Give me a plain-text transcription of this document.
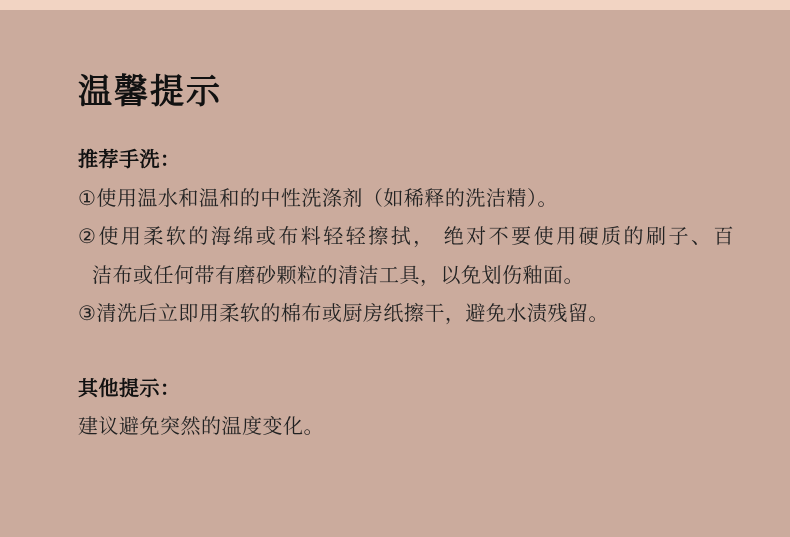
温馨提示
推荐手洗：
①使用温水和温和的中性洗涤剂（如稀释的洗洁精）。
②使用柔软的海绵或布料轻轻擦拭， 绝对不要使用硬质的刷子、百
洁布或任何带有磨砂颗粒的清洁工具，以免划伤釉面。
③清洗后立即用柔软的棉布或厨房纸擦干，避免水渍残留。
其他提示：
建议避免突然的温度变化。
